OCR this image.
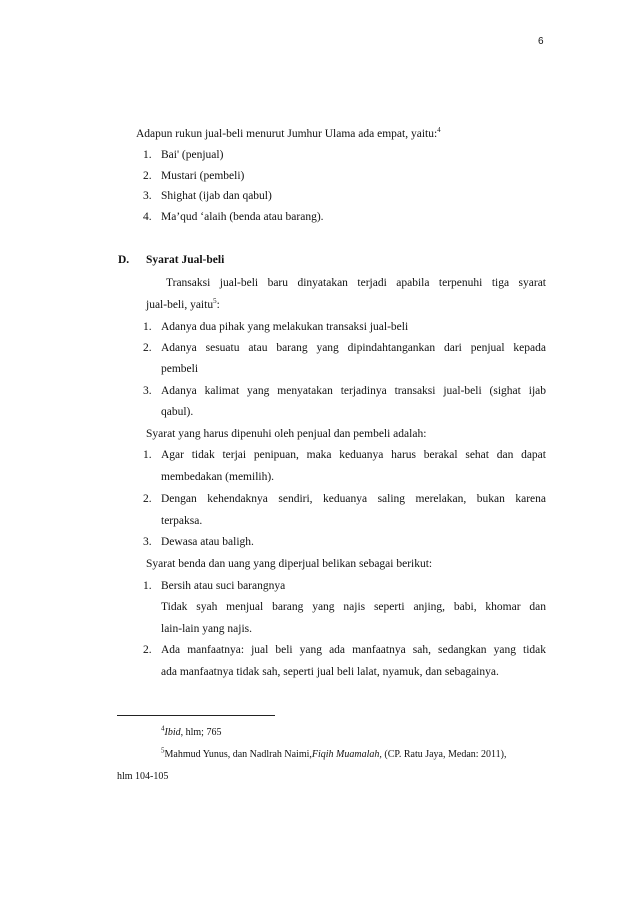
6
Adapun rukun jual-beli menurut Jumhur Ulama ada empat, yaitu:$^4$
1. Bai' (penjual)
2. Mustari (pembeli)
3. Shighat (ijab dan qabul)
4. Ma’qud ‘alaih (benda atau barang).
D. Syarat Jual-beli
Transaksi jual-beli baru dinyatakan terjadi apabila terpenuhi tiga syarat
jual-beli, yaitu$^5$:
1. Adanya dua pihak yang melakukan transaksi jual-beli
2. Adanya sesuatu atau barang yang dipindahtangankan dari penjual kepada
pembeli
3. Adanya kalimat yang menyatakan terjadinya transaksi jual-beli (sighat ijab
qabul).
Syarat yang harus dipenuhi oleh penjual dan pembeli adalah:
1. Agar tidak terjai penipuan, maka keduanya harus berakal sehat dan dapat
membedakan (memilih).
2. Dengan kehendaknya sendiri, keduanya saling merelakan, bukan karena
terpaksa.
3. Dewasa atau baligh.
Syarat benda dan uang yang diperjual belikan sebagai berikut:
1. Bersih atau suci barangnya
Tidak syah menjual barang yang najis seperti anjing, babi, khomar dan
lain-lain yang najis.
2. Ada manfaatnya: jual beli yang ada manfaatnya sah, sedangkan yang tidak
ada manfaatnya tidak sah, seperti jual beli lalat, nyamuk, dan sebagainya.
$^4$Ibid, hlm; 765
$^5$Mahmud Yunus, dan Nadlrah Naimi,Fiqih Muamalah, (CP. Ratu Jaya, Medan: 2011),
hlm 104-105
